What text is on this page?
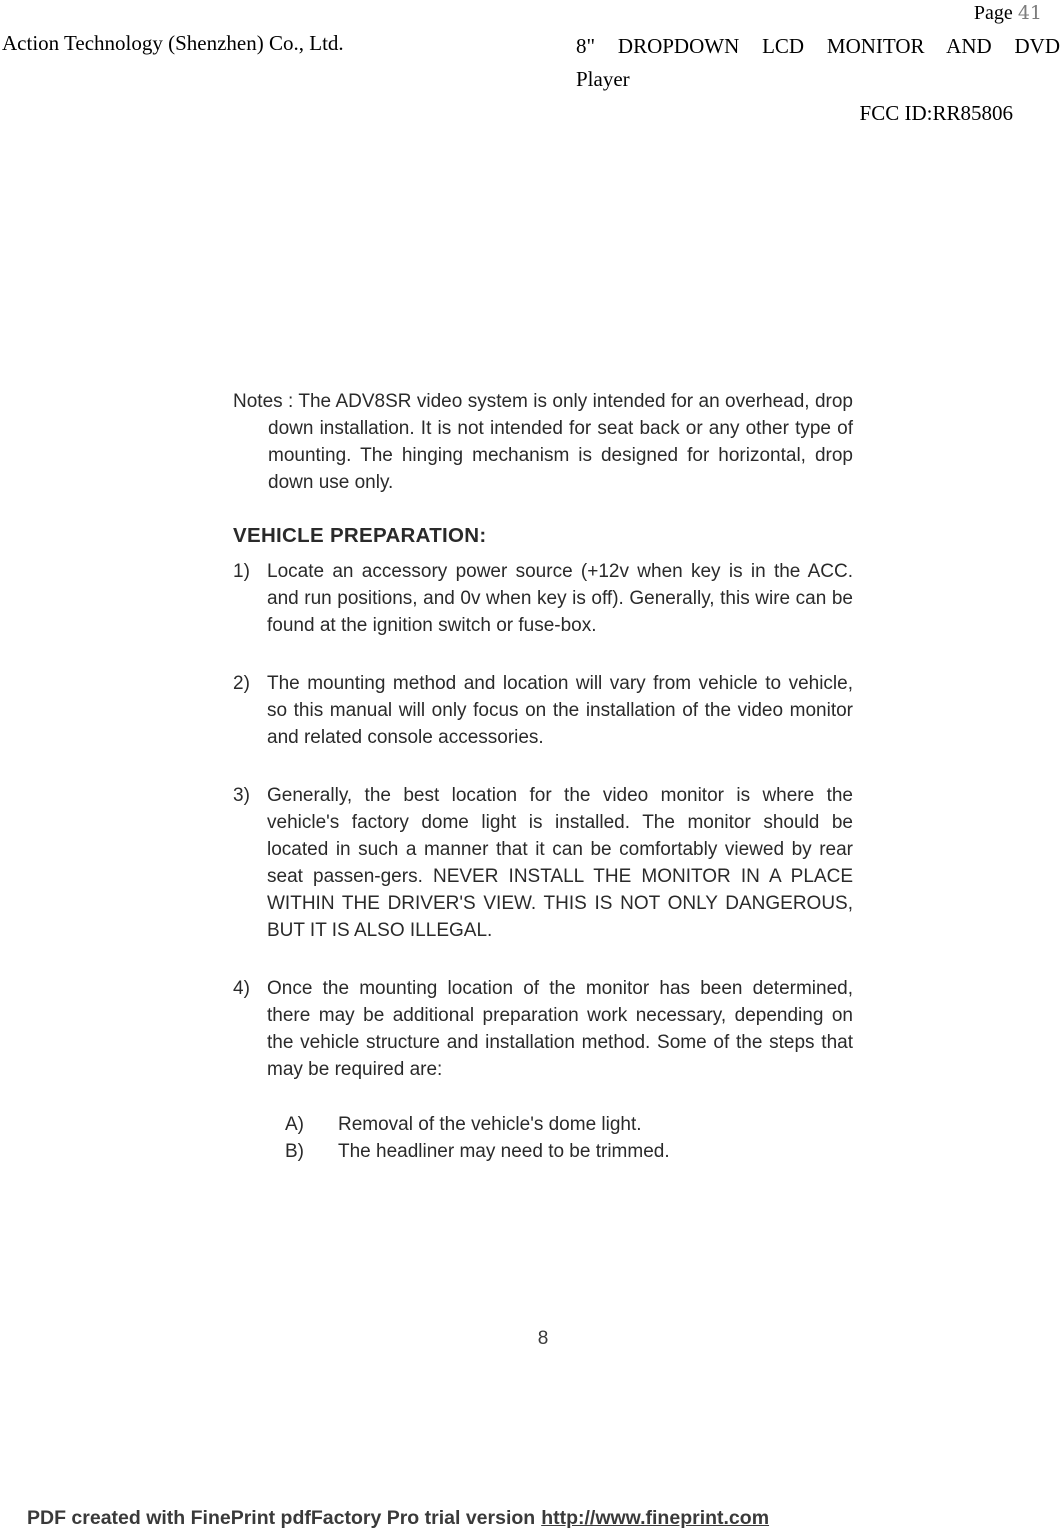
Page 41
Action Technology (Shenzhen) Co., Ltd.	8" DROPDOWN LCD MONITOR AND DVD
Player
FCC ID:RR85806
Notes : The ADV8SR video system is only intended for an overhead, drop down installation. It is not intended for seat back or any other type of mounting. The hinging mechanism is designed for horizontal, drop down use only.
VEHICLE PREPARATION:
1) Locate an accessory power source (+12v when key is in the ACC. and run positions, and 0v when key is off). Generally, this wire can be found at the ignition switch or fuse-box.
2) The mounting method and location will vary from vehicle to vehicle, so this manual will only focus on the installation of the video monitor and related console accessories.
3) Generally, the best location for the video monitor is where the vehicle's factory dome light is installed. The monitor should be located in such a manner that it can be comfortably viewed by rear seat passen-gers. NEVER INSTALL THE MONITOR IN A PLACE WITHIN THE DRIVER'S VIEW. THIS IS NOT ONLY DANGEROUS, BUT IT IS ALSO ILLEGAL.
4) Once the mounting location of the monitor has been determined, there may be additional preparation work necessary, depending on the vehicle structure and installation method. Some of the steps that may be required are:
A)	Removal of the vehicle's dome light.
B)	The headliner may need to be trimmed.
8
PDF created with FinePrint pdfFactory Pro trial version http://www.fineprint.com
